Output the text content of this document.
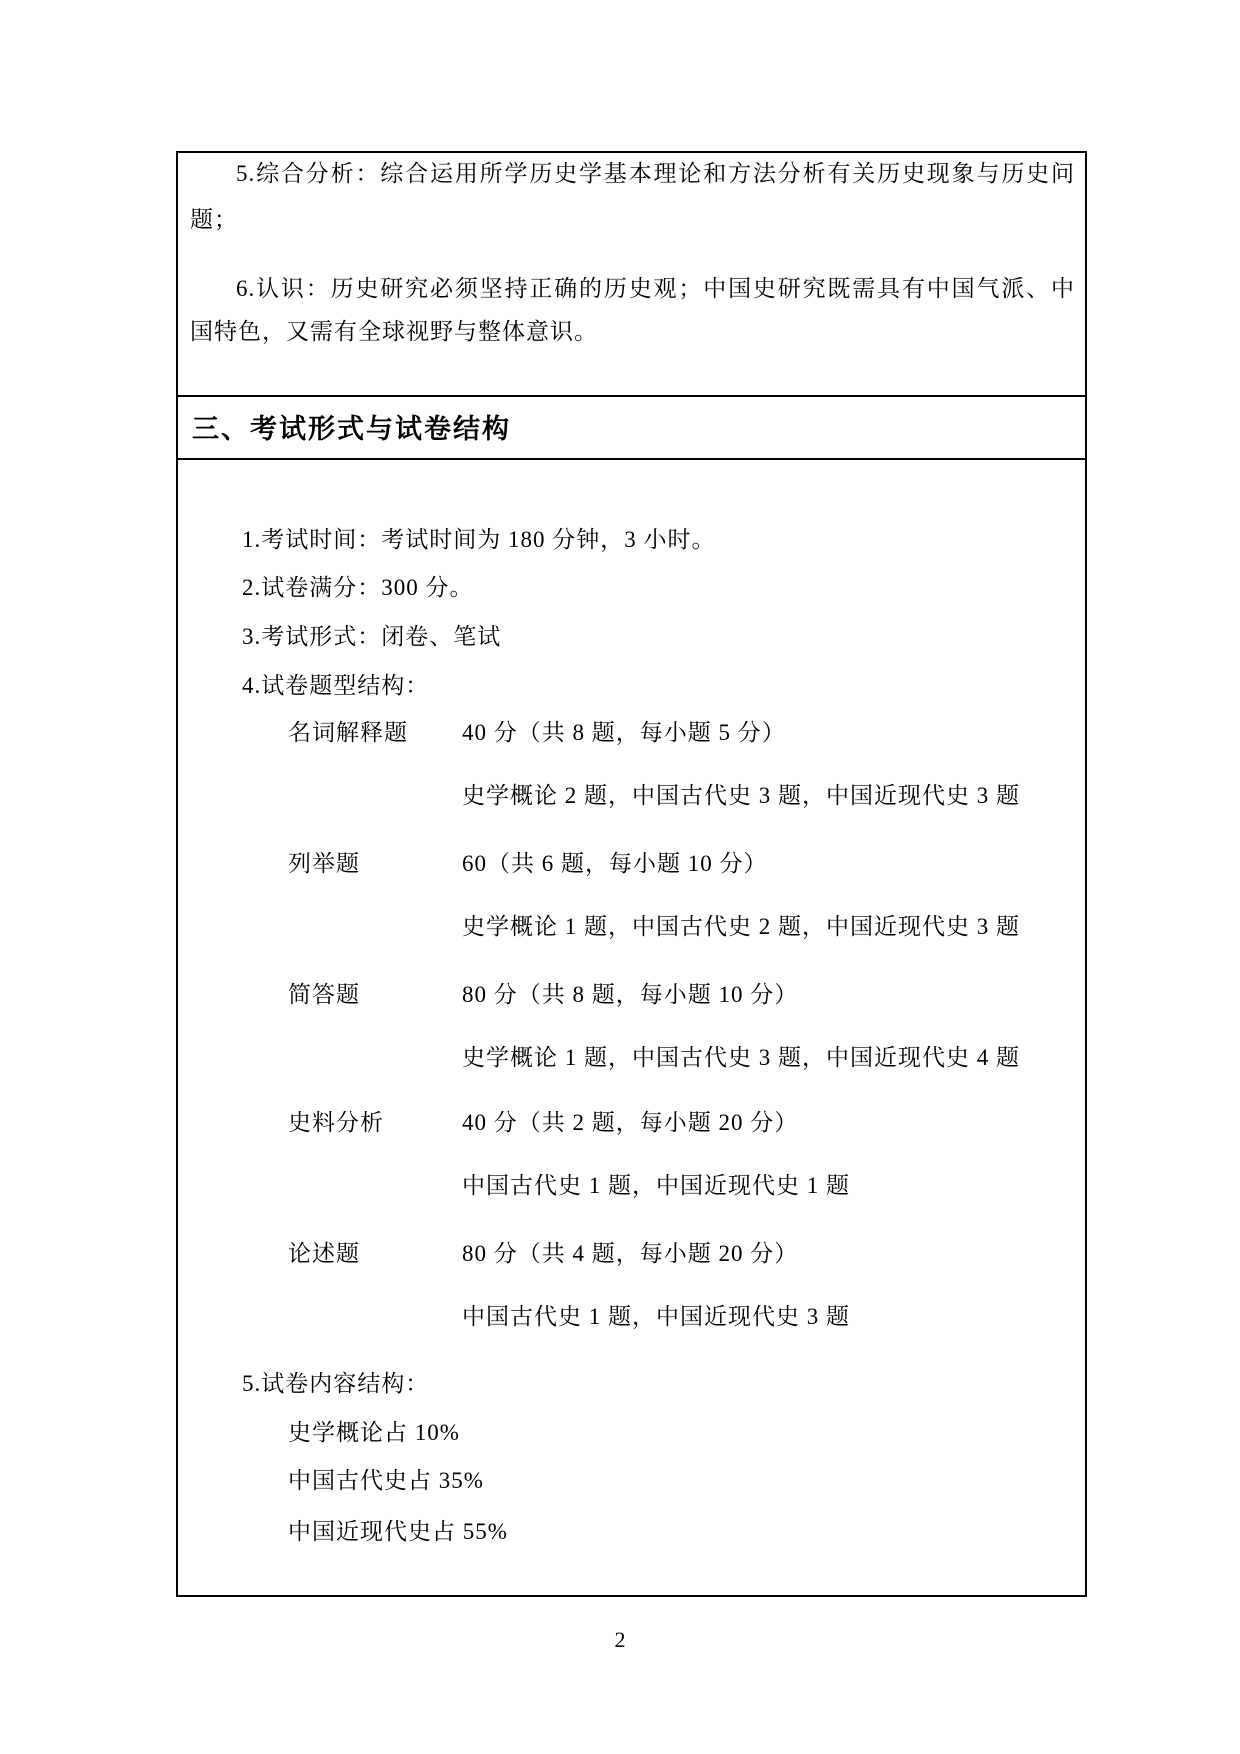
5.综合分析：综合运用所学历史学基本理论和方法分析有关历史现象与历史问
题；
6.认识：历史研究必须坚持正确的历史观；中国史研究既需具有中国气派、中
国特色，又需有全球视野与整体意识。
三、考试形式与试卷结构
1.考试时间：考试时间为 180 分钟，3 小时。
2.试卷满分：300 分。
3.考试形式：闭卷、笔试
4.试卷题型结构：
名词解释题 40 分（共 8 题，每小题 5 分）
史学概论 2 题，中国古代史 3 题，中国近现代史 3 题
列举题	60（共 6 题，每小题 10 分）
史学概论 1 题，中国古代史 2 题，中国近现代史 3 题
简答题	80 分（共 8 题，每小题 10 分）
史学概论 1 题，中国古代史 3 题，中国近现代史 4 题
史料分析	40 分（共 2 题，每小题 20 分）
中国古代史 1 题，中国近现代史 1 题
论述题	80 分（共 4 题，每小题 20 分）
中国古代史 1 题，中国近现代史 3 题
5.试卷内容结构：
史学概论占 10%
中国古代史占 35%
中国近现代史占 55%
2
